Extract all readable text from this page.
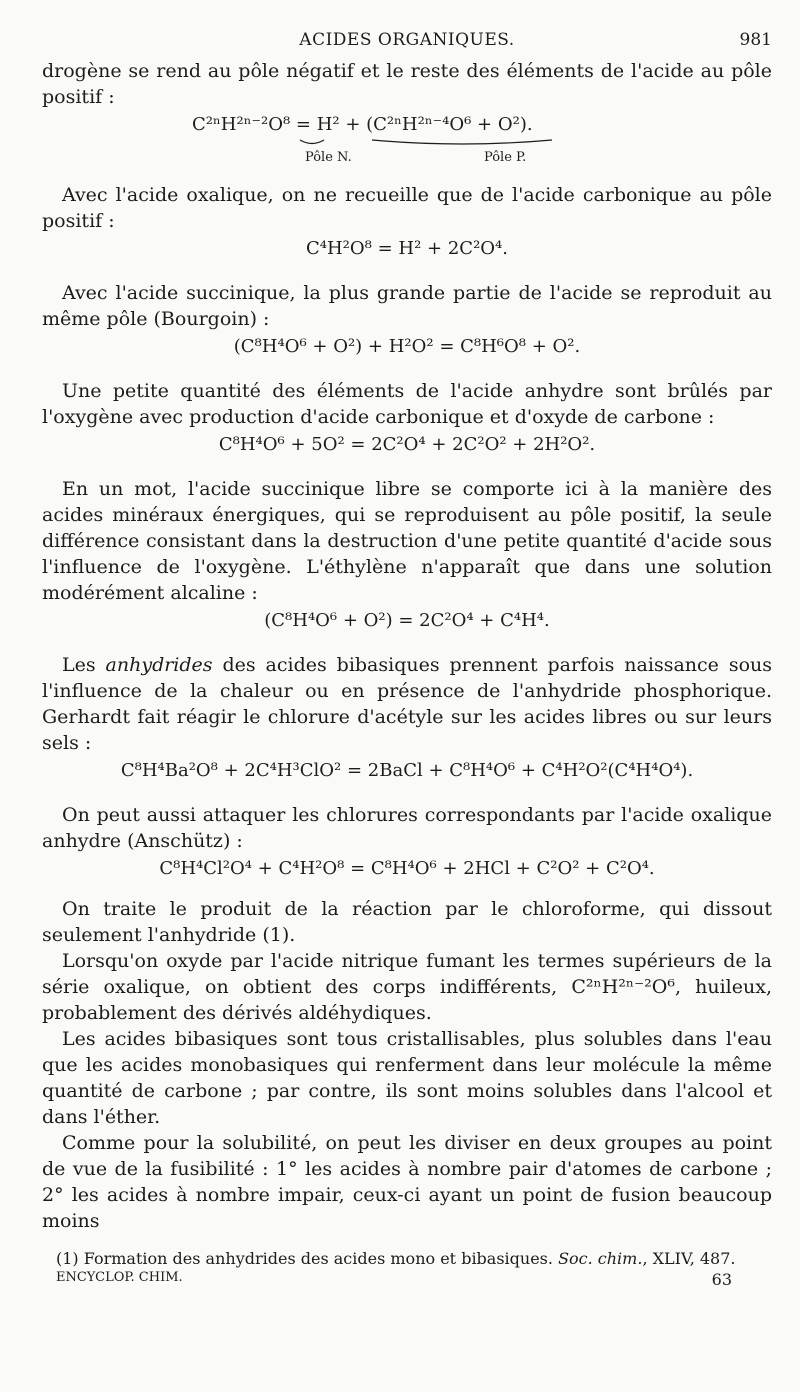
ACIDES ORGANIQUES.	981

drogène se rend au pôle négatif et le reste des éléments de l'acide au pôle positif :

C²ⁿH²ⁿ⁻²O⁸ = H² + (C²ⁿH²ⁿ⁻⁴O⁶ + O²).

Pôle N.	Pôle P.

Avec l'acide oxalique, on ne recueille que de l'acide carbonique au pôle positif :

C⁴H²O⁸ = H² + 2C²O⁴.

Avec l'acide succinique, la plus grande partie de l'acide se reproduit au même pôle (Bourgoin) :

(C⁸H⁴O⁶ + O²) + H²O² = C⁸H⁶O⁸ + O².

Une petite quantité des éléments de l'acide anhydre sont brûlés par l'oxygène avec production d'acide carbonique et d'oxyde de carbone :

C⁸H⁴O⁶ + 5O² = 2C²O⁴ + 2C²O² + 2H²O².

En un mot, l'acide succinique libre se comporte ici à la manière des acides minéraux énergiques, qui se reproduisent au pôle positif, la seule différence consistant dans la destruction d'une petite quantité d'acide sous l'influence de l'oxygène. L'éthylène n'apparaît que dans une solution modérément alcaline :

(C⁸H⁴O⁶ + O²) = 2C²O⁴ + C⁴H⁴.

Les anhydrides des acides bibasiques prennent parfois naissance sous l'influence de la chaleur ou en présence de l'anhydride phosphorique. Gerhardt fait réagir le chlorure d'acétyle sur les acides libres ou sur leurs sels :

C⁸H⁴Ba²O⁸ + 2C⁴H³ClO² = 2BaCl + C⁸H⁴O⁶ + C⁴H²O²(C⁴H⁴O⁴).

On peut aussi attaquer les chlorures correspondants par l'acide oxalique anhydre (Anschütz) :

C⁸H⁴Cl²O⁴ + C⁴H²O⁸ = C⁸H⁴O⁶ + 2HCl + C²O² + C²O⁴.

On traite le produit de la réaction par le chloroforme, qui dissout seulement l'anhydride (1).

Lorsqu'on oxyde par l'acide nitrique fumant les termes supérieurs de la série oxalique, on obtient des corps indifférents, C²ⁿH²ⁿ⁻²O⁶, huileux, probablement des dérivés aldéhydiques.

Les acides bibasiques sont tous cristallisables, plus solubles dans l'eau que les acides monobasiques qui renferment dans leur molécule la même quantité de carbone ; par contre, ils sont moins solubles dans l'alcool et dans l'éther.

Comme pour la solubilité, on peut les diviser en deux groupes au point de vue de la fusibilité : 1° les acides à nombre pair d'atomes de carbone ; 2° les acides à nombre impair, ceux-ci ayant un point de fusion beaucoup moins

(1) Formation des anhydrides des acides mono et bibasiques. Soc. chim., XLIV, 487.

ENCYCLOP. CHIM.	63
